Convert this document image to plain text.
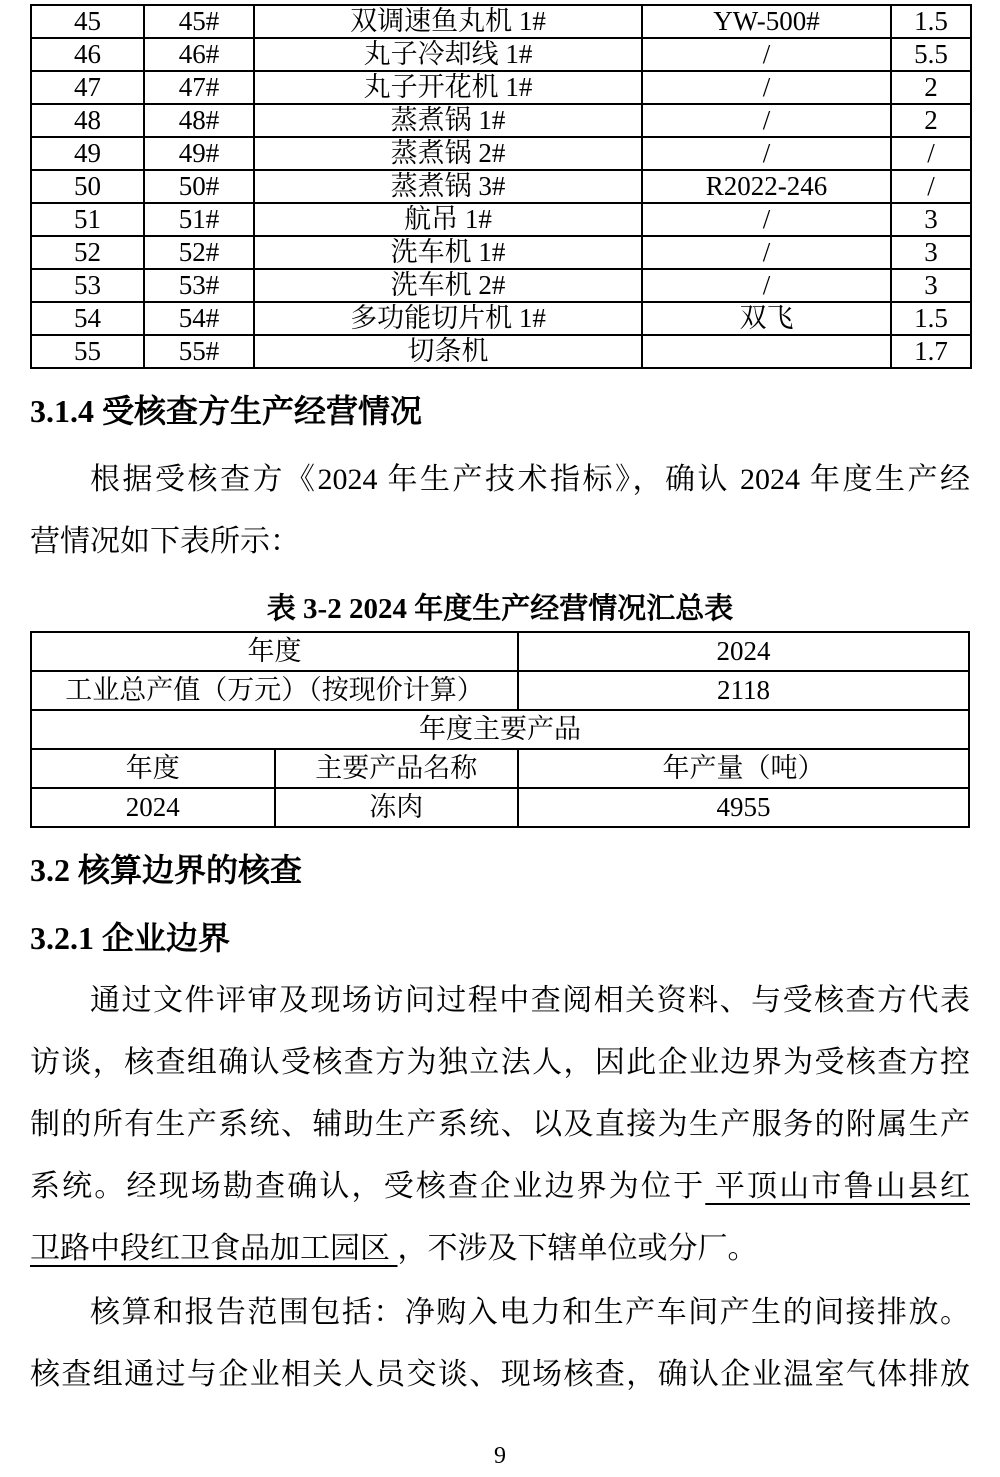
45	45#	双调速鱼丸机 1#	YW-500#	1.5
46	46#	丸子冷却线 1#	/	5.5
47	47#	丸子开花机 1#	/	2
48	48#	蒸煮锅 1#	/	2
49	49#	蒸煮锅 2#	/	/
50	50#	蒸煮锅 3#	R2022-246	/
51	51#	航吊 1#	/	3
52	52#	洗车机 1#	/	3
53	53#	洗车机 2#	/	3
54	54#	多功能切片机 1#	双飞	1.5
55	55#	切条机		1.7
3.1.4 受核查方生产经营情况
根据受核查方《2024 年生产技术指标》，确认 2024 年度生产经
营情况如下表所示：
表 3-2 2024 年度生产经营情况汇总表
年度		2024
工业总产值（万元）（按现价计算）		2118
年度主要产品		
年度	主要产品名称	年产量（吨）
2024	冻肉	4955
3.2 核算边界的核查
3.2.1 企业边界
通过文件评审及现场访问过程中查阅相关资料、与受核查方代表
访谈，核查组确认受核查方为独立法人，因此企业边界为受核查方控
制的所有生产系统、辅助生产系统、以及直接为生产服务的附属生产
系统。经现场勘查确认，受核查企业边界为位于 平顶山市鲁山县红
卫路中段红卫食品加工园区 ，不涉及下辖单位或分厂。
核算和报告范围包括：净购入电力和生产车间产生的间接排放。
核查组通过与企业相关人员交谈、现场核查，确认企业温室气体排放
9
